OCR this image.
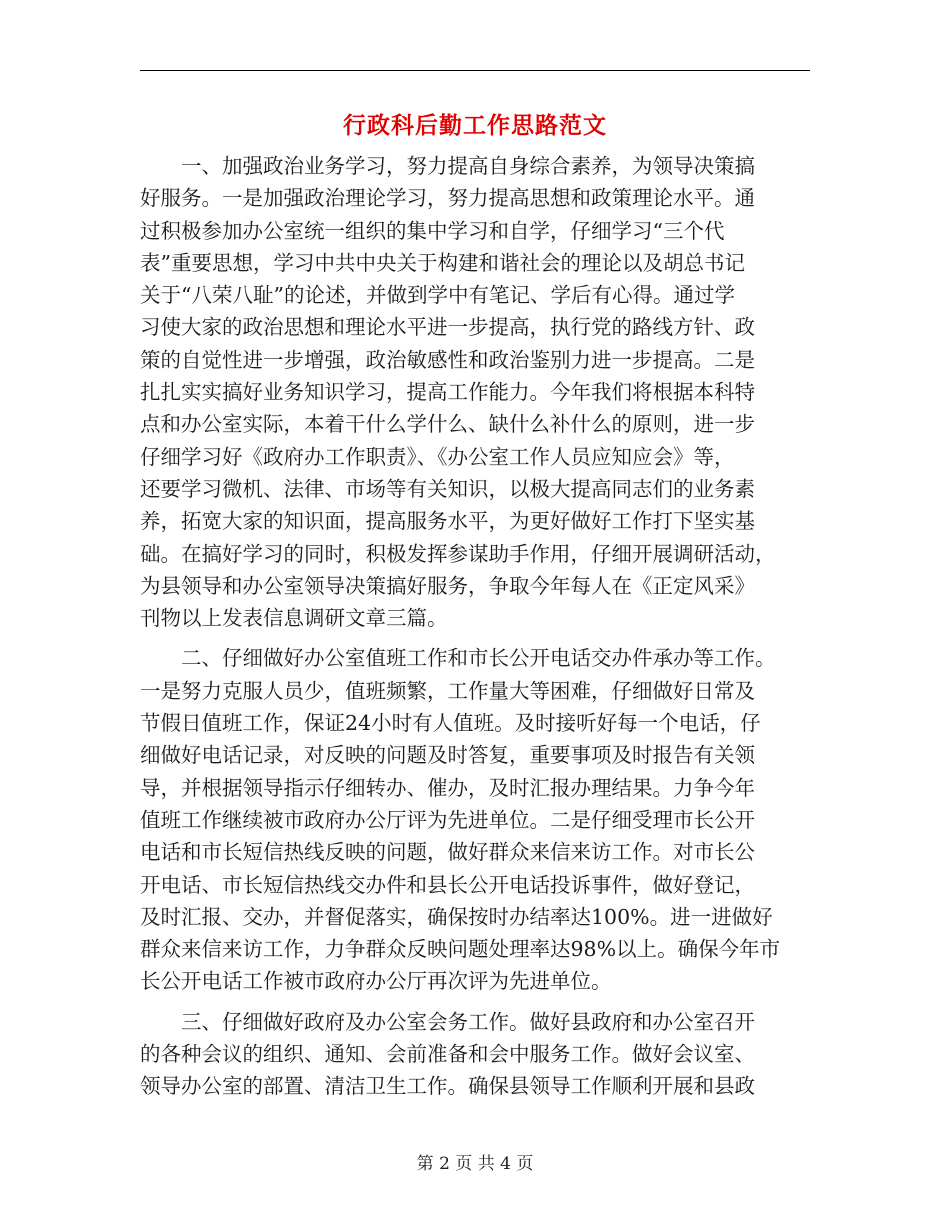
行政科后勤工作思路范文
　　一、加强政治业务学习，努力提高自身综合素养，为领导决策搞
好服务。一是加强政治理论学习，努力提高思想和政策理论水平。通
过积极参加办公室统一组织的集中学习和自学，仔细学习“三个代
表”重要思想，学习中共中央关于构建和谐社会的理论以及胡总书记
关于“八荣八耻”的论述，并做到学中有笔记、学后有心得。通过学
习使大家的政治思想和理论水平进一步提高，执行党的路线方针、政
策的自觉性进一步增强，政治敏感性和政治鉴别力进一步提高。二是
扎扎实实搞好业务知识学习，提高工作能力。今年我们将根据本科特
点和办公室实际，本着干什么学什么、缺什么补什么的原则，进一步
仔细学习好《政府办工作职责》、《办公室工作人员应知应会》等，
还要学习微机、法律、市场等有关知识，以极大提高同志们的业务素
养，拓宽大家的知识面，提高服务水平，为更好做好工作打下坚实基
础。在搞好学习的同时，积极发挥参谋助手作用，仔细开展调研活动，
为县领导和办公室领导决策搞好服务，争取今年每人在《正定风采》
刊物以上发表信息调研文章三篇。
　　二、仔细做好办公室值班工作和市长公开电话交办件承办等工作。
一是努力克服人员少，值班频繁，工作量大等困难，仔细做好日常及
节假日值班工作，保证24小时有人值班。及时接听好每一个电话，仔
细做好电话记录，对反映的问题及时答复，重要事项及时报告有关领
导，并根据领导指示仔细转办、催办，及时汇报办理结果。力争今年
值班工作继续被市政府办公厅评为先进单位。二是仔细受理市长公开
电话和市长短信热线反映的问题，做好群众来信来访工作。对市长公
开电话、市长短信热线交办件和县长公开电话投诉事件，做好登记，
及时汇报、交办，并督促落实，确保按时办结率达100%。进一进做好
群众来信来访工作，力争群众反映问题处理率达98%以上。确保今年市
长公开电话工作被市政府办公厅再次评为先进单位。
　　三、仔细做好政府及办公室会务工作。做好县政府和办公室召开
的各种会议的组织、通知、会前准备和会中服务工作。做好会议室、
领导办公室的部置、清洁卫生工作。确保县领导工作顺利开展和县政
第 2 页 共 4 页
